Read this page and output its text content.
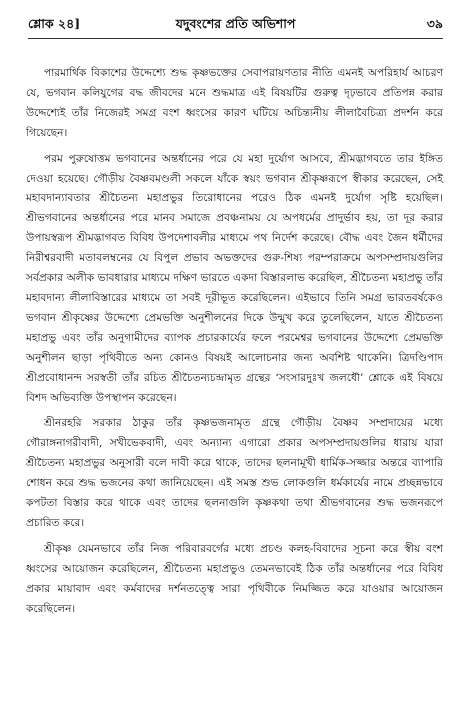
শ্লোক ২৪]	যদুবংশের প্রতি অভিশাপ	৩৯

পারমার্থিক বিকাশের উদ্দেশ্যে শুদ্ধ কৃষ্ণভক্তের সেবাপরায়ণতার নীতি এমনই অপরিহার্য আচরণ যে, ভগবান কলিযুগের বদ্ধ জীবদের মনে শুদ্ধমাত্র এই বিষয়টির গুরুত্ব দৃঢ়ভাবে প্রতিপন্ন করার উদ্দেশ্যেই তাঁর নিজেরই সমগ্র বংশ ধ্বংসের কারণ ঘটিয়ে অচিন্ত্যনীয় লীলাবৈচিত্র্য প্রদর্শন করে গিয়েছেন।

পরম পুরুষোত্তম ভগবানের অন্তর্ধানের পরে যে মহা দুর্যোগ আসবে, শ্রীমদ্ভাগবতে তার ইঙ্গিত দেওয়া হয়েছে। গৌড়ীয় বৈষ্ণবমণ্ডলী সকলে যাঁকে স্বয়ং ভগবান শ্রীকৃষ্ণরূপে স্বীকার করেছেন, সেই মহাবদান্যাবতার শ্রীচৈতন্য মহাপ্রভুর তিরোধানের পরেও ঠিক এমনই দুর্যোগ সৃষ্টি হয়েছিল। শ্রীভগবানের অন্তর্ধানের পরে মানব সমাজে প্রবঞ্চনাময় যে অপধর্মের প্রাদুর্ভাব হয়, তা দূর করার উপায়স্বরূপ শ্রীমদ্ভাগবত বিবিধ উপদেশাবলীর মাধ্যমে পথ নির্দেশ করেছে। বৌদ্ধ এবং জৈন ধর্মীদের নিরীশ্বরবাদী মতাবলম্বনের যে বিপুল প্রভাব অভক্তদের গুরু-শিষ্য পরম্পরাক্রমে অপসম্প্রদায়গুলির সর্বপ্রকার অলীক ভাবধারার মাধ্যমে দক্ষিণ ভারতে একদা বিস্তারলাভ করেছিল, শ্রীচৈতন্য মহাপ্রভু তাঁর মহাবদান্য লীলাবিস্তারের মাধ্যমে তা সবই দূরীভূত করেছিলেন। এইভাবে তিনি সমগ্র ভারতবর্ষকেও ভগবান শ্রীকৃষ্ণের উদ্দেশ্যে প্রেমভক্তি অনুশীলনের দিকে উন্মুখ করে তুলেছিলেন, যাতে শ্রীচৈতন্য মহাপ্রভু এবং তাঁর অনুগামীদের ব্যাপক প্রচারকার্যের ফলে পরমেশ্বর ভগবানের উদ্দেশ্যে প্রেমভক্তি অনুশীলন ছাড়া পৃথিবীতে অন্য কোনও বিষয়ই আলোচনার জন্য অবশিষ্ট থাকেনি। ত্রিদণ্ডিপাদ শ্রীপ্রবোধানন্দ সরস্বতী তাঁর রচিত শ্রীচৈতন্যচন্দ্রামৃত গ্রন্থের ‘সংসারদুঃখ জলধৌ’ শ্লোকে এই বিষয়ে বিশদ অভিব্যক্তি উপস্থাপন করেছেন।

শ্রীনরহরি সরকার ঠাকুর তাঁর কৃষ্ণভজনামৃত গ্রন্থে গৌড়ীয় বৈষ্ণব সম্প্রদায়ের মধ্যে গৌরাঙ্গনাগরীবাদী, সখীভেকবাদী, এবং অন্যান্য এগারো প্রকার অপসম্প্রদায়গুলির ধারায় যারা শ্রীচৈতন্য মহাপ্রভুর অনুসারী বলে দাবী করে থাকে, তাদের ছলনামূখী ধার্মিক-সজ্জার অন্তরে ব্যাপারি শোধন করে শুদ্ধ ভজনের কথা জানিয়েছেন। এই সমস্ত শুভ লোকগুলি ধর্মকার্যের নামে প্রচ্ছন্নভাবে কপটতা বিস্তার করে থাকে এবং তাদের ছলনাগুলি কৃষ্ণকথা তথা শ্রীভগবানের শুদ্ধ ভজনরূপে প্রচারিত করে।

শ্রীকৃষ্ণ যেমনভাবে তাঁর নিজ পরিবারবর্গের মধ্যে প্রচণ্ড কলহ-বিবাদের সূচনা করে স্বীয় বংশ ধ্বংসের আয়োজন করেছিলেন, শ্রীচৈতন্য মহাপ্রভুও তেমনভাবেই ঠিক তাঁর অন্তর্ধানের পরে বিবিধ প্রকার মায়াবাদ এবং কর্মবাদের দর্শনতত্ত্বে সারা পৃথিবীকে নিমজ্জিত করে যাওয়ার আয়োজন করেছিলেন।
